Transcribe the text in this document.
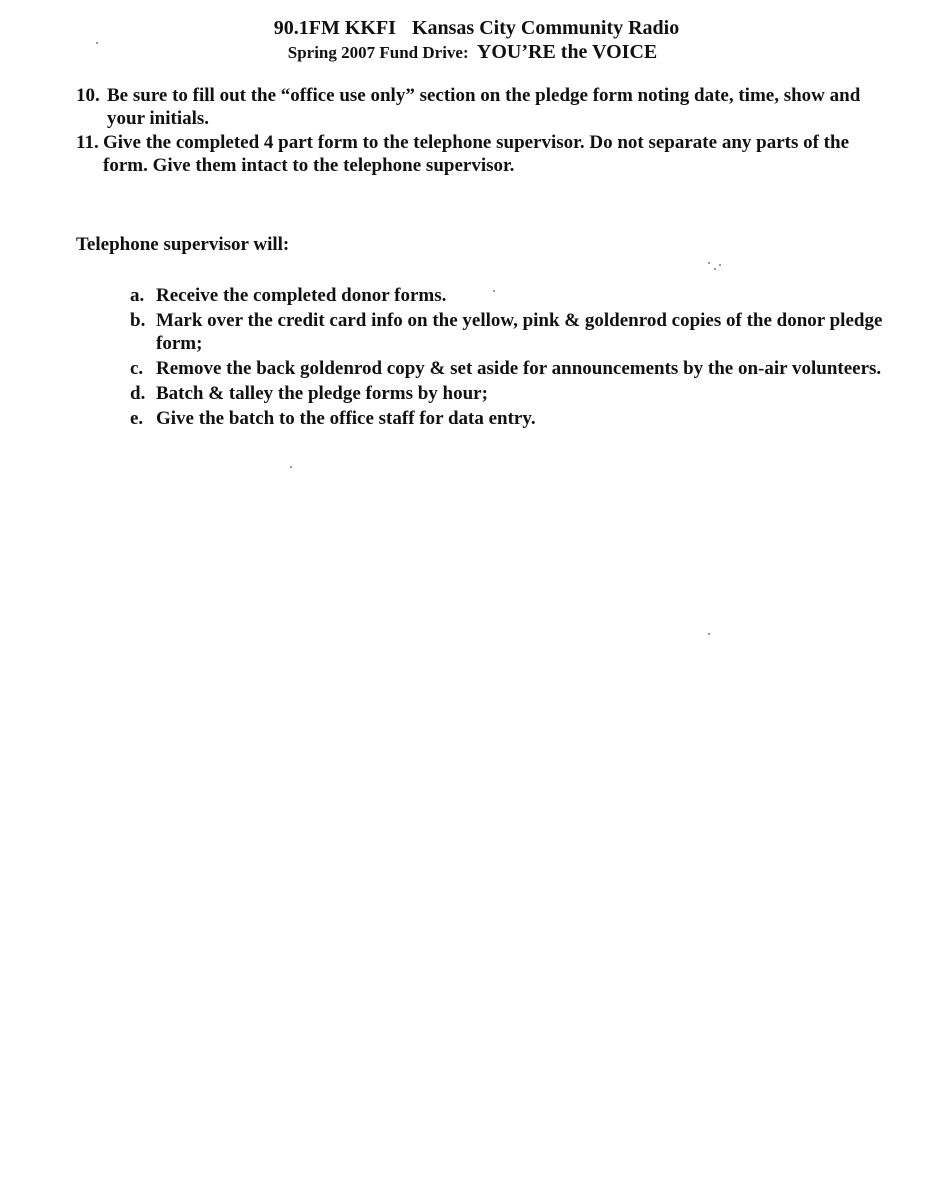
90.1FM KKFI Kansas City Community Radio
Spring 2007 Fund Drive: YOU’RE the VOICE
10. Be sure to fill out the “office use only” section on the pledge form noting date, time, show and your initials.
11. Give the completed 4 part form to the telephone supervisor. Do not separate any parts of the form. Give them intact to the telephone supervisor.
Telephone supervisor will:
a. Receive the completed donor forms.
b. Mark over the credit card info on the yellow, pink & goldenrod copies of the donor pledge form;
c. Remove the back goldenrod copy & set aside for announcements by the on-air volunteers.
d. Batch & talley the pledge forms by hour;
e. Give the batch to the office staff for data entry.
